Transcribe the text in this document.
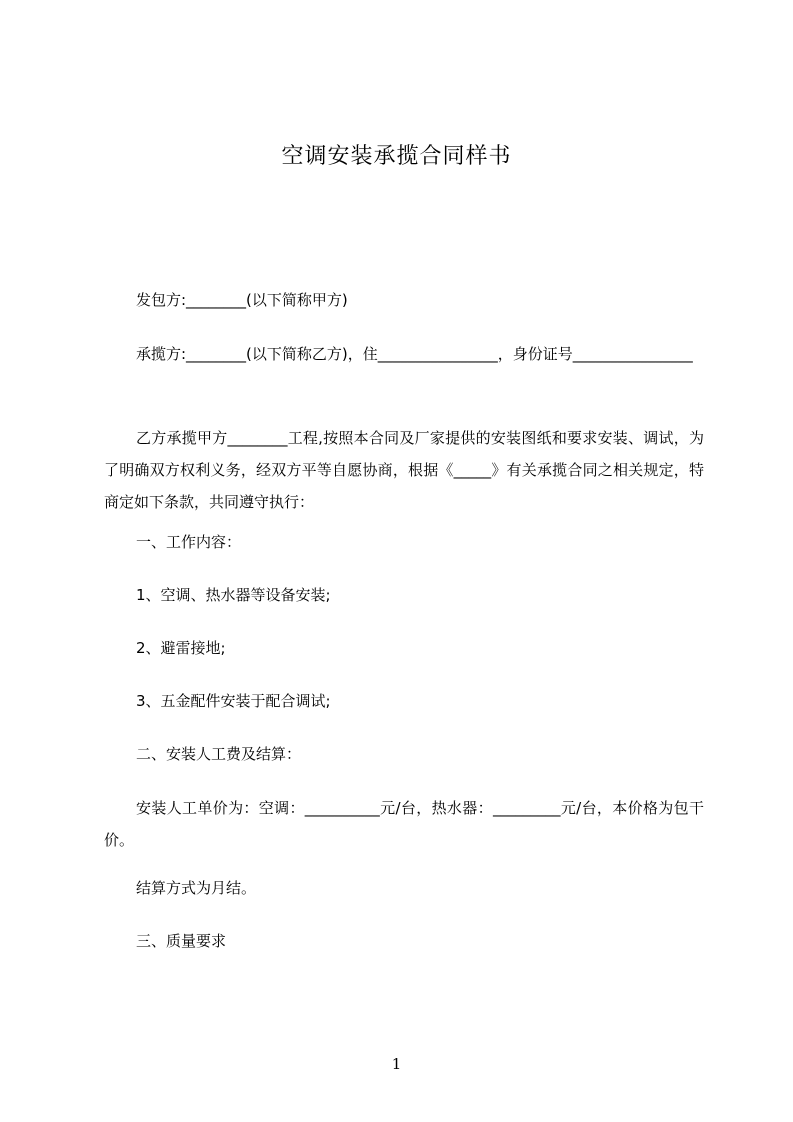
空调安装承揽合同样书
发包方:________(以下简称甲方)
承揽方:________(以下简称乙方)，住________________，身份证号________________
乙方承揽甲方________工程,按照本合同及厂家提供的安装图纸和要求安装、调试，为了明确双方权利义务，经双方平等自愿协商，根据《_____》有关承揽合同之相关规定，特商定如下条款，共同遵守执行：
一、工作内容：
1、空调、热水器等设备安装;
2、避雷接地;
3、五金配件安装于配合调试;
二、安装人工费及结算：
安装人工单价为：空调：__________元/台，热水器：_________元/台，本价格为包干价。
结算方式为月结。
三、质量要求
1
